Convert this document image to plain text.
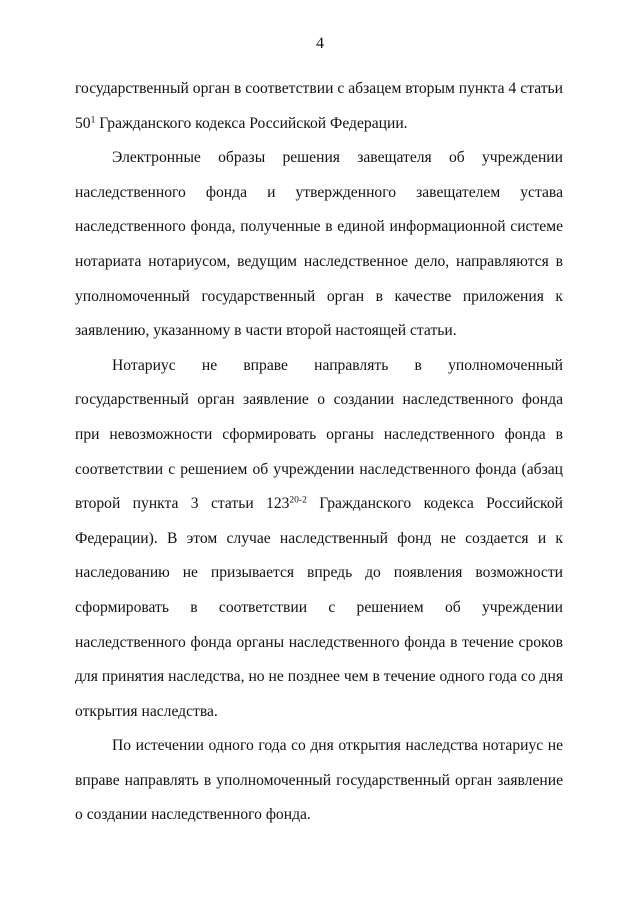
4

государственный орган в соответствии с абзацем вторым пункта 4 статьи $50^1$ Гражданского кодекса Российской Федерации.

Электронные образы решения завещателя об учреждении наследственного фонда и утвержденного завещателем устава наследственного фонда, полученные в единой информационной системе нотариата нотариусом, ведущим наследственное дело, направляются в уполномоченный государственный орган в качестве приложения к заявлению, указанному в части второй настоящей статьи.

Нотариус не вправе направлять в уполномоченный государственный орган заявление о создании наследственного фонда при невозможности сформировать органы наследственного фонда в соответствии с решением об учреждении наследственного фонда (абзац второй пункта 3 статьи 123$^{20-2}$ Гражданского кодекса Российской Федерации). В этом случае наследственный фонд не создается и к наследованию не призывается впредь до появления возможности сформировать в соответствии с решением об учреждении наследственного фонда органы наследственного фонда в течение сроков для принятия наследства, но не позднее чем в течение одного года со дня открытия наследства.

По истечении одного года со дня открытия наследства нотариус не вправе направлять в уполномоченный государственный орган заявление о создании наследственного фонда.
